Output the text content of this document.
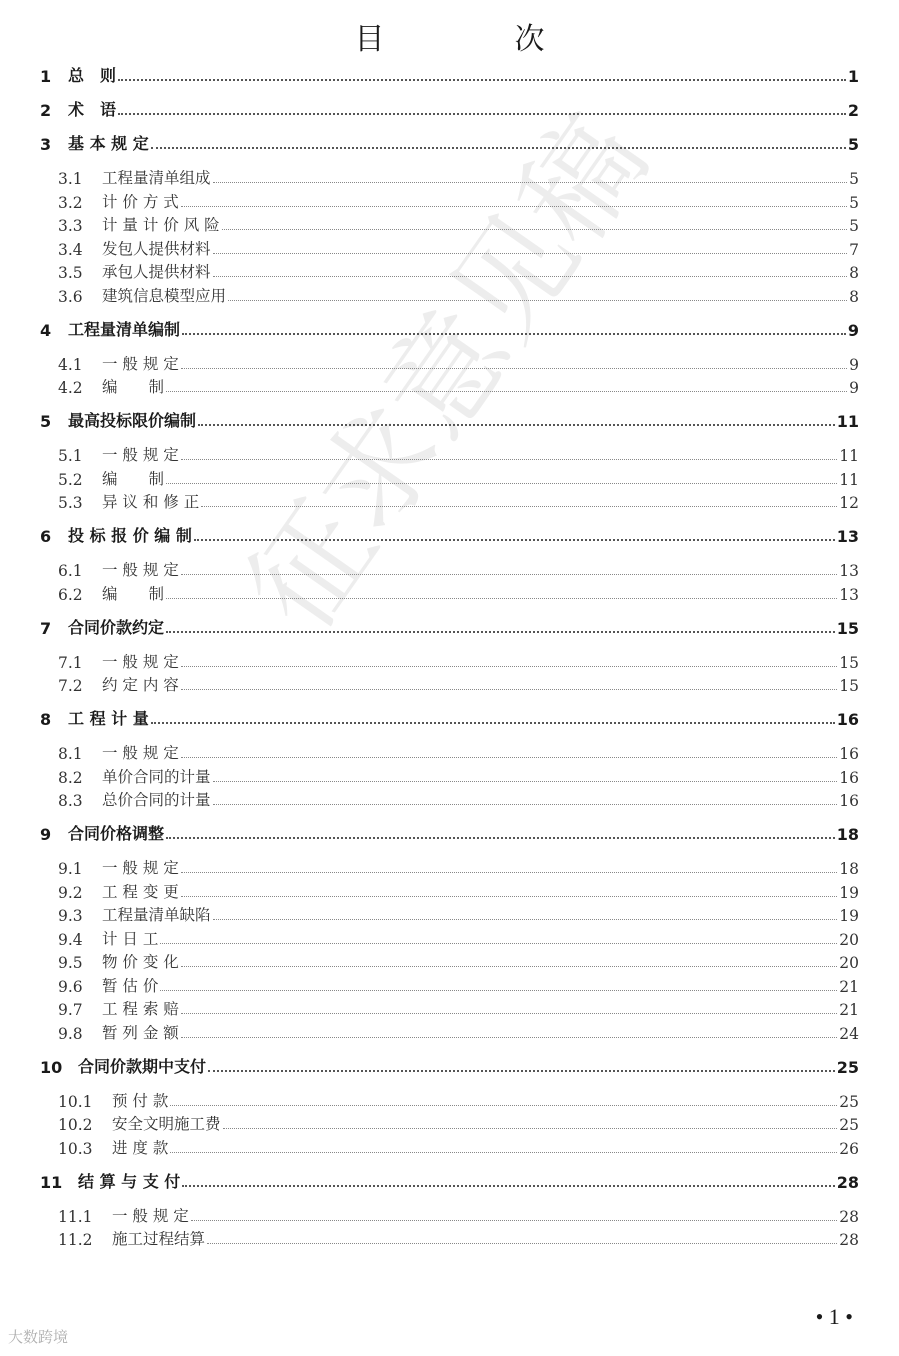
征求意见稿
目　次
1	总　则	1
2	术　语	2
3	基 本 规 定	5
3.1	工程量清单组成	5
3.2	计 价 方 式	5
3.3	计 量 计 价 风 险	5
3.4	发包人提供材料	7
3.5	承包人提供材料	8
3.6	建筑信息模型应用	8
4	工程量清单编制	9
4.1	一 般 规 定	9
4.2	编　　制	9
5	最高投标限价编制	11
5.1	一 般 规 定	11
5.2	编　　制	11
5.3	异 议 和 修 正	12
6	投 标 报 价 编 制	13
6.1	一 般 规 定	13
6.2	编　　制	13
7	合同价款约定	15
7.1	一 般 规 定	15
7.2	约 定 内 容	15
8	工 程 计 量	16
8.1	一 般 规 定	16
8.2	单价合同的计量	16
8.3	总价合同的计量	16
9	合同价格调整	18
9.1	一 般 规 定	18
9.2	工 程 变 更	19
9.3	工程量清单缺陷	19
9.4	计 日 工	20
9.5	物 价 变 化	20
9.6	暂 估 价	21
9.7	工 程 索 赔	21
9.8	暂 列 金 额	24
10 合同价款期中支付	25
10.1	预 付 款	25
10.2	安全文明施工费	25
10.3	进 度 款	26
11 结 算 与 支 付	28
11.1	一 般 规 定	28
11.2	施工过程结算	28
• 1 •
大数跨境
